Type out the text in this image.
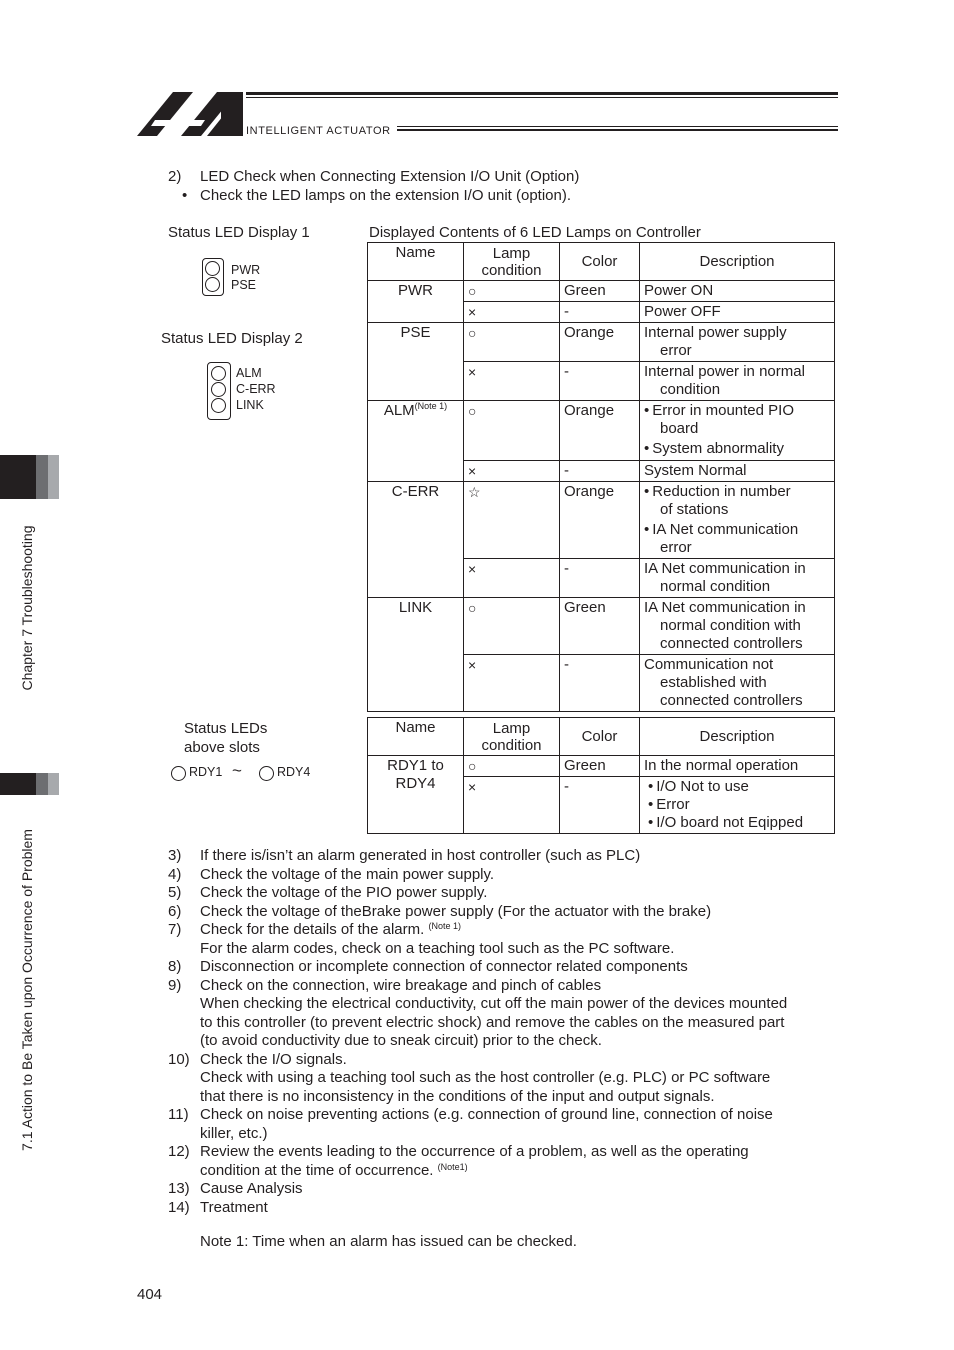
INTELLIGENT ACTUATOR
Chapter 7 Troubleshooting
7.1 Action to Be Taken upon Occurrence of Problem
2) LED Check when Connecting Extension I/O Unit (Option)
• Check the LED lamps on the extension I/O unit (option).
Status LED Display 1
PWR
PSE
Status LED Display 2
ALM
C-ERR
LINK
Displayed Contents of 6 LED Lamps on Controller
Name	Lamp condition	Color	Description
PWR	○	Green	Power ON
	×	-	Power OFF
PSE	○	Orange	Internal power supply
error

	×	-	Internal power in normal
condition

$ALM^{(Note 1)}$	○	Orange	• Error in mounted PIO
board
• System abnormality

	×	-	System Normal
C-ERR	☆	Orange	• Reduction in number
of stations
• IA Net communication
error

	×	-	IA Net communication in
normal condition

LINK	○	Green	IA Net communication in
normal condition with
connected controllers

	×	-	Communication not
established with
connected controllers
Status LEDs
above slots
RDY1 ~	RDY4
Name	Lamp condition	Color	Description

RDY1 to
RDY4	○	Green	In the normal operation
	×	-	• I/O Not to use
• Error
• I/O board not Eqipped
3) If there is/isn’t an alarm generated in host controller (such as PLC)
4) Check the voltage of the main power supply.
5) Check the voltage of the PIO power supply.
6) Check the voltage of theBrake power supply (For the actuator with the brake)
7) Check for the details of the alarm. $^{(Note 1)}$
For the alarm codes, check on a teaching tool such as the PC software.
8) Disconnection or incomplete connection of connector related components
9) Check on the connection, wire breakage and pinch of cables
When checking the electrical conductivity, cut off the main power of the devices mounted
to this controller (to prevent electric shock) and remove the cables on the measured part
(to avoid conductivity due to sneak circuit) prior to the check.
10) Check the I/O signals.
Check with using a teaching tool such as the host controller (e.g. PLC) or PC software
that there is no inconsistency in the conditions of the input and output signals.
11) Check on noise preventing actions (e.g. connection of ground line, connection of noise
killer, etc.)
12) Review the events leading to the occurrence of a problem, as well as the operating
condition at the time of occurrence. $^{(Note1)}$
13) Cause Analysis
14) Treatment
Note 1: Time when an alarm has issued can be checked.
404
